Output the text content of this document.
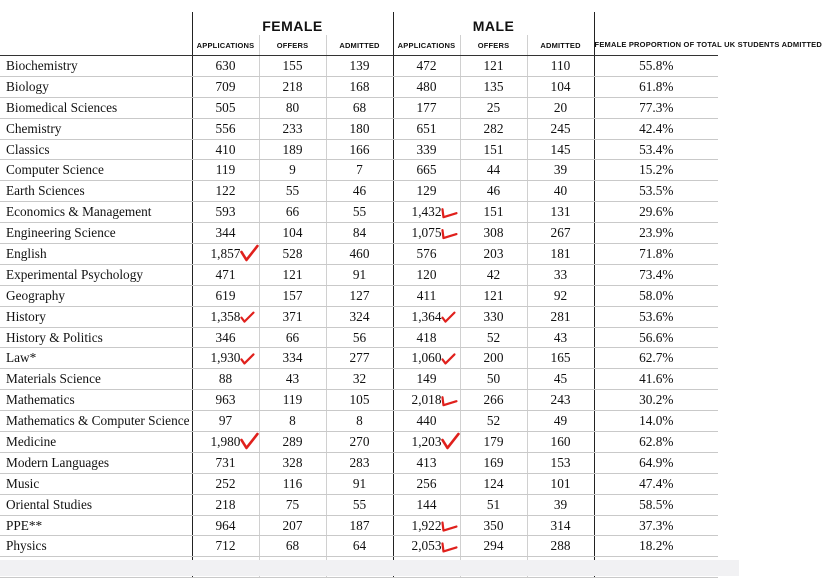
	FEMALE			MALE			
	APPLICATIONS	OFFERS	ADMITTED	APPLICATIONS	OFFERS	ADMITTED	FEMALE PROPORTION OF TOTAL UK STUDENTS ADMITTED
Biochemistry	630	155	139	472	121	110	55.8%
Biology	709	218	168	480	135	104	61.8%
Biomedical Sciences	505	80	68	177	25	20	77.3%
Chemistry	556	233	180	651	282	245	42.4%
Classics	410	189	166	339	151	145	53.4%
Computer Science	119	9	7	665	44	39	15.2%
Earth Sciences	122	55	46	129	46	40	53.5%
Economics & Management	593	66	55	1,432	151	131	29.6%
Engineering Science	344	104	84	1,075	308	267	23.9%
English	1,857	528	460	576	203	181	71.8%
Experimental Psychology	471	121	91	120	42	33	73.4%
Geography	619	157	127	411	121	92	58.0%
History	1,358	371	324	1,364	330	281	53.6%
History & Politics	346	66	56	418	52	43	56.6%
Law*	1,930	334	277	1,060	200	165	62.7%
Materials Science	88	43	32	149	50	45	41.6%
Mathematics	963	119	105	2,018	266	243	30.2%
Mathematics & Computer Science	97	8	8	440	52	49	14.0%
Medicine	1,980	289	270	1,203	179	160	62.8%
Modern Languages	731	328	283	413	169	153	64.9%
Music	252	116	91	256	124	101	47.4%
Oriental Studies	218	75	55	144	51	39	58.5%
PPE**	964	207	187	1,922	350	314	37.3%
Physics	712	68	64	2,053	294	288	18.2%
